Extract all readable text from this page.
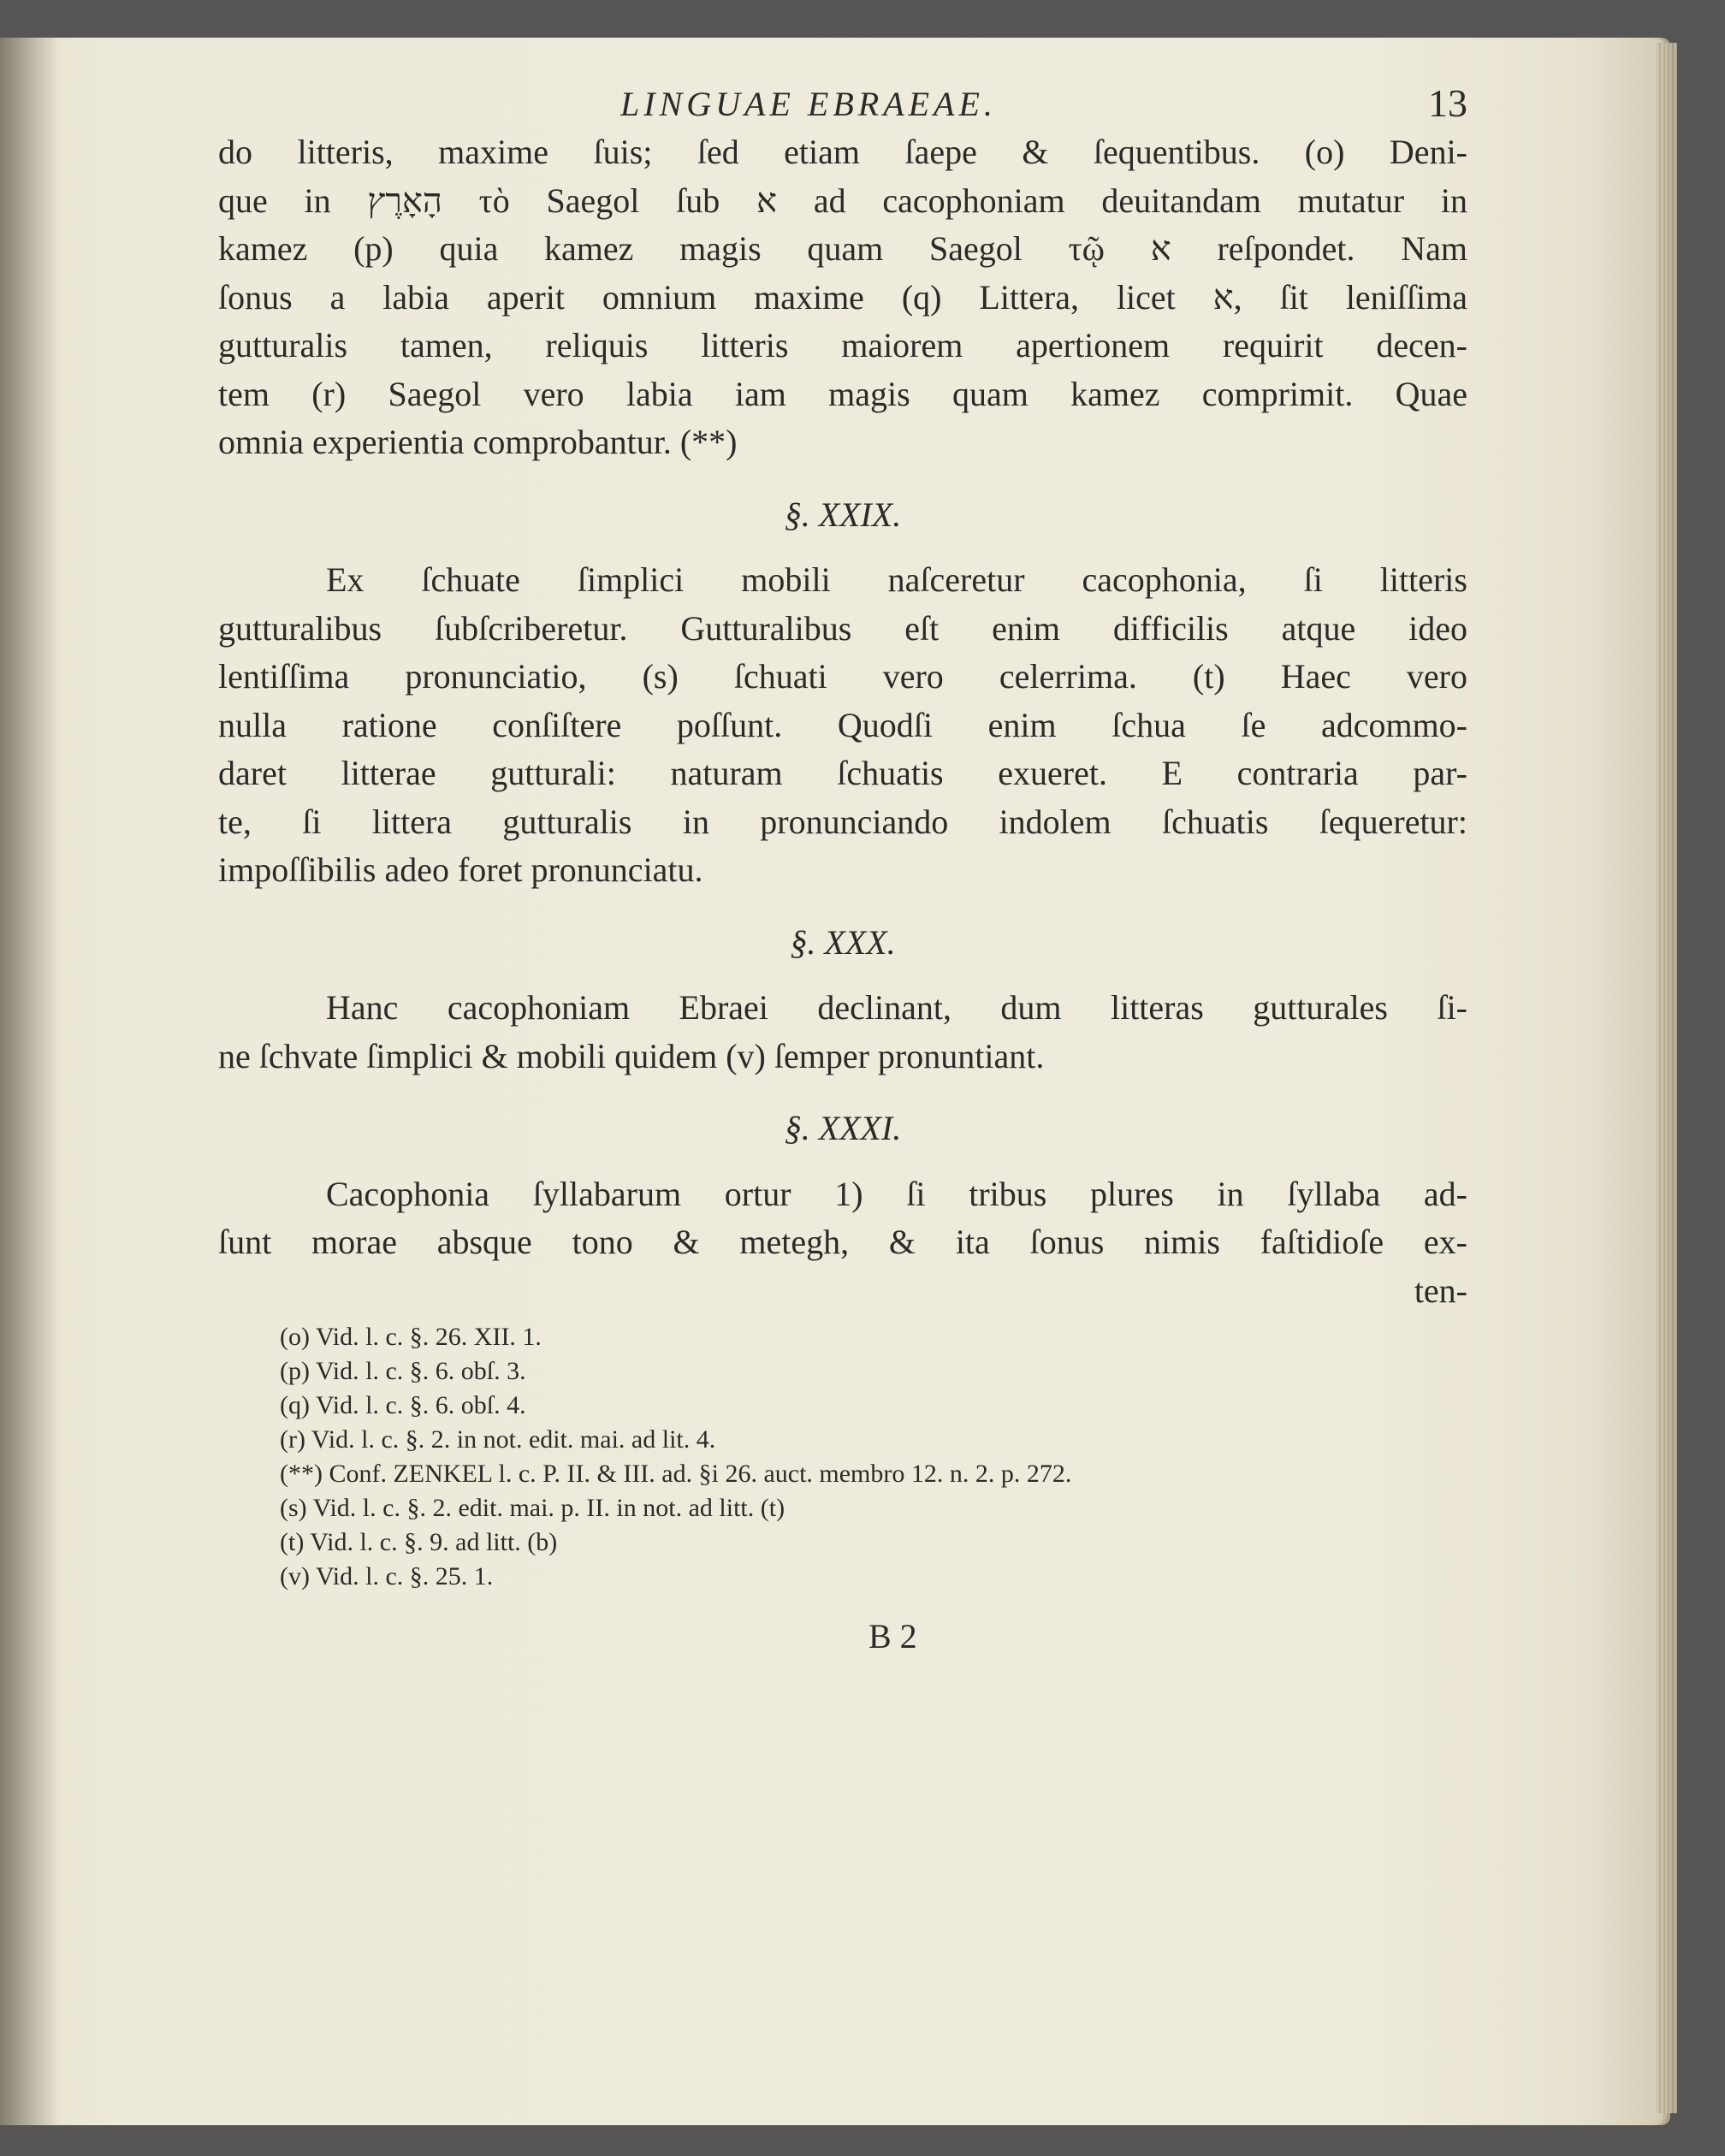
LINGUAE EBRAEAE.	13
do litteris, maxime ſuis; ſed etiam ſaepe & ſequentibus. (o) Deni-
que in הָאָרֶץ τὸ Saegol ſub א ad cacophoniam deuitandam mutatur in
kamez (p) quia kamez magis quam Saegol τῷ א reſpondet. Nam
ſonus a labia aperit omnium maxime (q) Littera, licet א, ſit leniſſima
gutturalis tamen, reliquis litteris maiorem apertionem requirit decen-
tem (r) Saegol vero labia iam magis quam kamez comprimit. Quae
omnia experientia comprobantur. (**)
§. XXIX.
Ex ſchuate ſimplici mobili naſceretur cacophonia, ſi litteris
gutturalibus ſubſcriberetur. Gutturalibus eſt enim difficilis atque ideo
lentiſſima pronunciatio, (s) ſchuati vero celerrima. (t) Haec vero
nulla ratione conſiſtere poſſunt. Quodſi enim ſchua ſe adcommo-
daret litterae gutturali: naturam ſchuatis exueret. E contraria par-
te, ſi littera gutturalis in pronunciando indolem ſchuatis ſequeretur:
impoſſibilis adeo foret pronunciatu.
§. XXX.
Hanc cacophoniam Ebraei declinant, dum litteras gutturales ſi-
ne ſchvate ſimplici & mobili quidem (v) ſemper pronuntiant.
§. XXXI.
Cacophonia ſyllabarum ortur 1) ſi tribus plures in ſyllaba ad-
ſunt morae absque tono & metegh, & ita ſonus nimis faſtidioſe ex-
ten-
(o) Vid. l. c. §. 26. XII. 1.
(p) Vid. l. c. §. 6. obſ. 3.
(q) Vid. l. c. §. 6. obſ. 4.
(r) Vid. l. c. §. 2. in not. edit. mai. ad lit. 4.
(**) Conf. ZENKEL l. c. P. II. & III. ad. §i 26. auct. membro 12. n. 2. p. 272.
(s) Vid. l. c. §. 2. edit. mai. p. II. in not. ad litt. (t)
(t) Vid. l. c. §. 9. ad litt. (b)
(v) Vid. l. c. §. 25. 1.
B 2
